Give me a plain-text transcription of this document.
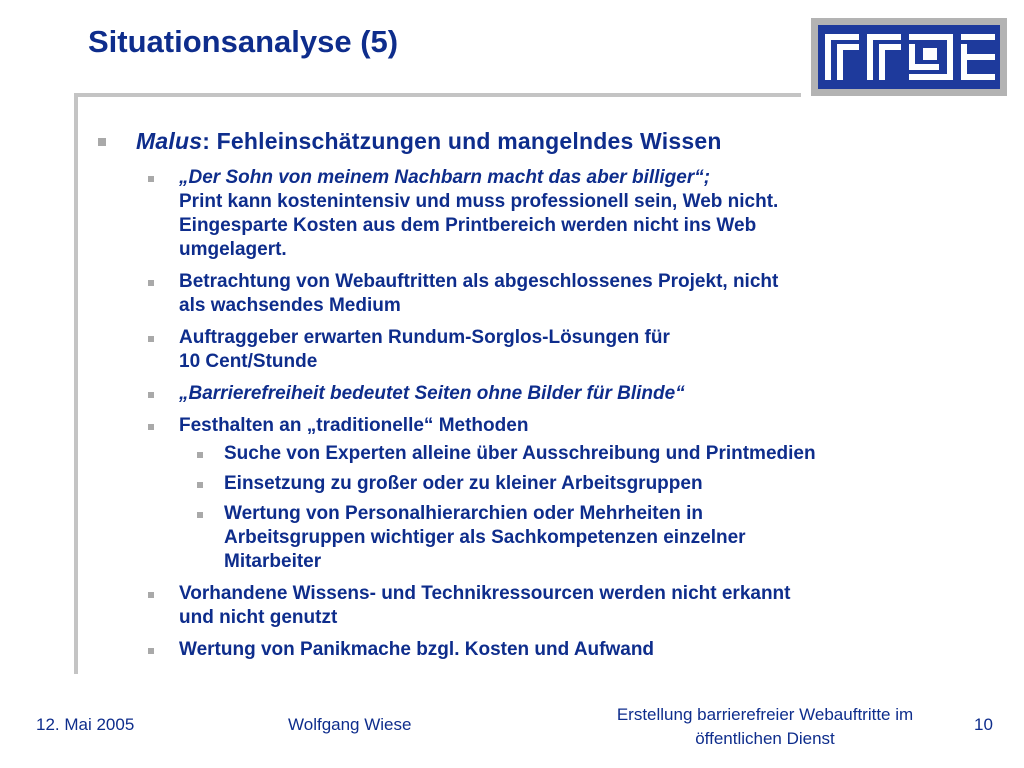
Situationsanalyse (5)
Malus: Fehleinschätzungen und mangelndes Wissen
„Der Sohn von meinem Nachbarn macht das aber billiger“;
Print kann kostenintensiv und muss professionell sein, Web nicht.
Eingesparte Kosten aus dem Printbereich werden nicht ins Web
umgelagert.
Betrachtung von Webauftritten als abgeschlossenes Projekt, nicht
als wachsendes Medium
Auftraggeber erwarten Rundum-Sorglos-Lösungen für
10 Cent/Stunde
„Barrierefreiheit bedeutet Seiten ohne Bilder für Blinde“
Festhalten an „traditionelle“ Methoden
Suche von Experten alleine über Ausschreibung und Printmedien
Einsetzung zu großer oder zu kleiner Arbeitsgruppen
Wertung von Personalhierarchien oder Mehrheiten in
Arbeitsgruppen wichtiger als Sachkompetenzen einzelner
Mitarbeiter
Vorhandene Wissens- und Technikressourcen werden nicht erkannt
und nicht genutzt
Wertung von Panikmache bzgl. Kosten und Aufwand
12. Mai 2005	Wolfgang Wiese
Erstellung barrierefreier Webauftritte im
öffentlichen Dienst
10
